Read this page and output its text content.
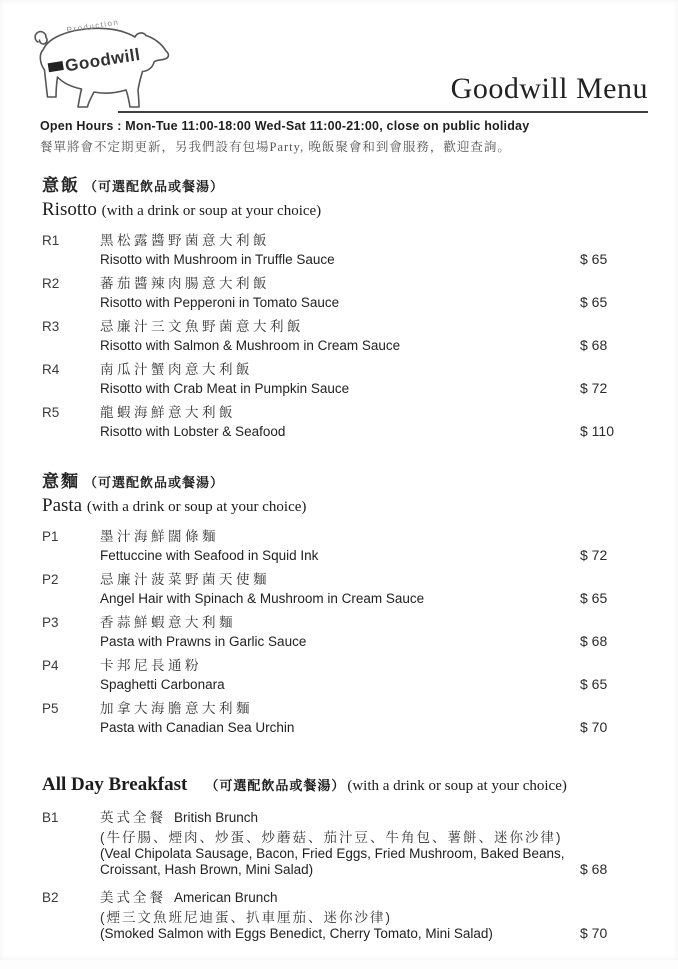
Goodwill
Production
Goodwill Menu
Open Hours : Mon-Tue 11:00-18:00 Wed-Sat 11:00-21:00, close on public holiday
餐單將會不定期更新，另我們設有包場Party, 晚飯聚會和到會服務，歡迎查詢。
意飯 （可選配飲品或餐湯）
Risotto (with a drink or soup at your choice)
R1	黑松露醬野菌意大利飯
Risotto with Mushroom in Truffle Sauce	$ 65
R2	蕃茄醬辣肉腸意大利飯
Risotto with Pepperoni in Tomato Sauce	$ 65
R3	忌廉汁三文魚野菌意大利飯
Risotto with Salmon & Mushroom in Cream Sauce	$ 68
R4	南瓜汁蟹肉意大利飯
Risotto with Crab Meat in Pumpkin Sauce	$ 72
R5	龍蝦海鮮意大利飯
Risotto with Lobster & Seafood	$ 110
意麵 （可選配飲品或餐湯）
Pasta (with a drink or soup at your choice)
P1	墨汁海鮮闊條麵
Fettuccine with Seafood in Squid Ink	$ 72
P2	忌廉汁菠菜野菌天使麵
Angel Hair with Spinach & Mushroom in Cream Sauce	$ 65
P3	香蒜鮮蝦意大利麵
Pasta with Prawns in Garlic Sauce	$ 68
P4	卡邦尼長通粉
Spaghetti Carbonara	$ 65
P5	加拿大海膽意大利麵
Pasta with Canadian Sea Urchin	$ 70
All Day Breakfast （可選配飲品或餐湯） (with a drink or soup at your choice)
B1	英式全餐 British Brunch
(牛仔腸、煙肉、炒蛋、炒蘑菇、茄汁豆、牛角包、薯餅、迷你沙律)
(Veal Chipolata Sausage, Bacon, Fried Eggs, Fried Mushroom, Baked Beans, Croissant, Hash Brown, Mini Salad)	$ 68
B2	美式全餐 American Brunch
(煙三文魚班尼迪蛋、扒車厘茄、迷你沙律)
(Smoked Salmon with Eggs Benedict, Cherry Tomato, Mini Salad)	$ 70
